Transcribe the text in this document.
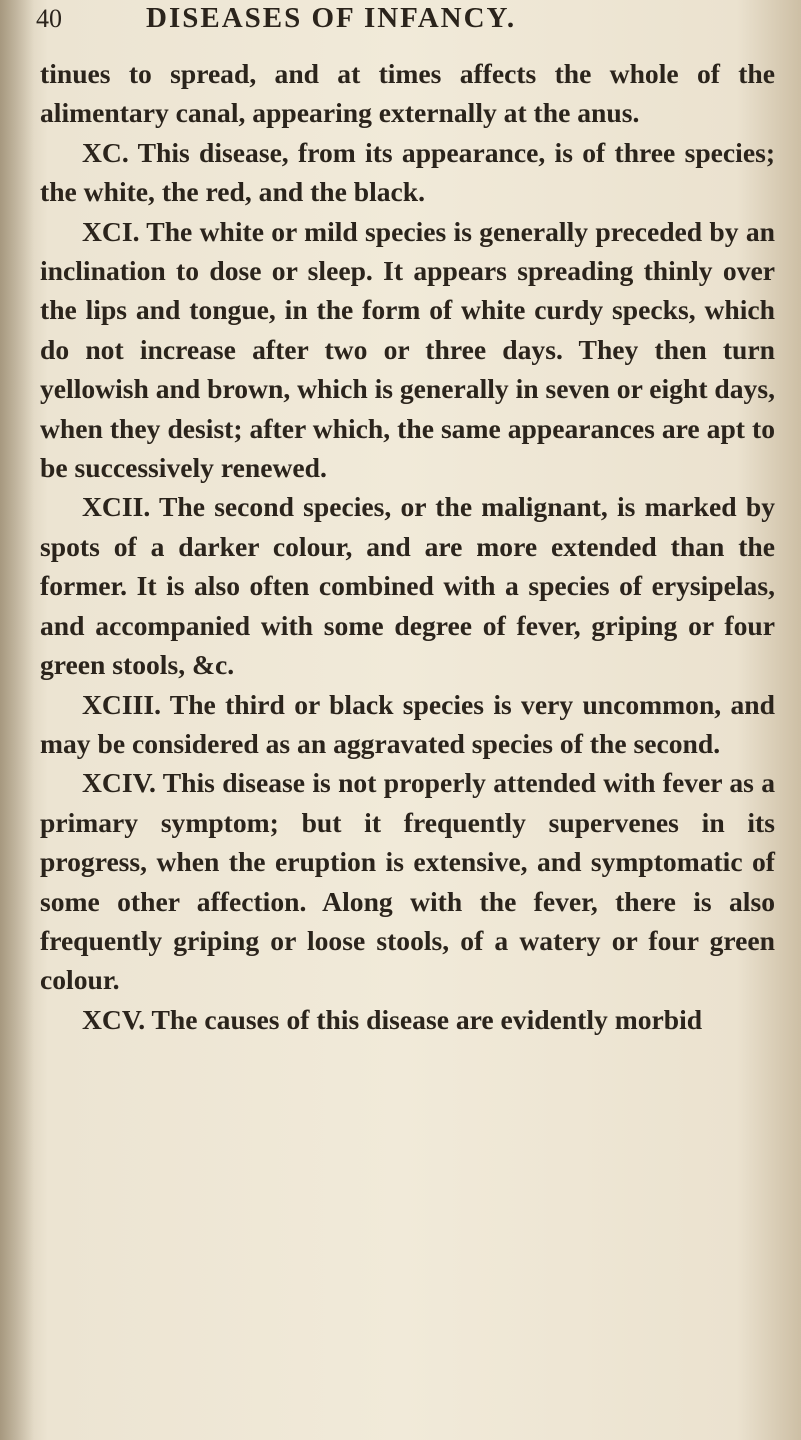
40	DISEASES OF INFANCY.

tinues to spread, and at times affects the whole of the alimentary canal, appearing externally at the anus.

XC. This disease, from its appearance, is of three species; the white, the red, and the black.

XCI. The white or mild species is generally preceded by an inclination to dose or sleep. It appears spreading thinly over the lips and tongue, in the form of white curdy specks, which do not increase after two or three days. They then turn yellowish and brown, which is generally in seven or eight days, when they desist; after which, the same appearances are apt to be successively renewed.

XCII. The second species, or the malignant, is marked by spots of a darker colour, and are more extended than the former. It is also often combined with a species of erysipelas, and accompanied with some degree of fever, griping or four green stools, &c.

XCIII. The third or black species is very uncommon, and may be considered as an aggravated species of the second.

XCIV. This disease is not properly attended with fever as a primary symptom; but it frequently supervenes in its progress, when the eruption is extensive, and symptomatic of some other affection. Along with the fever, there is also frequently griping or loose stools, of a watery or four green colour.

XCV. The causes of this disease are evidently morbid
